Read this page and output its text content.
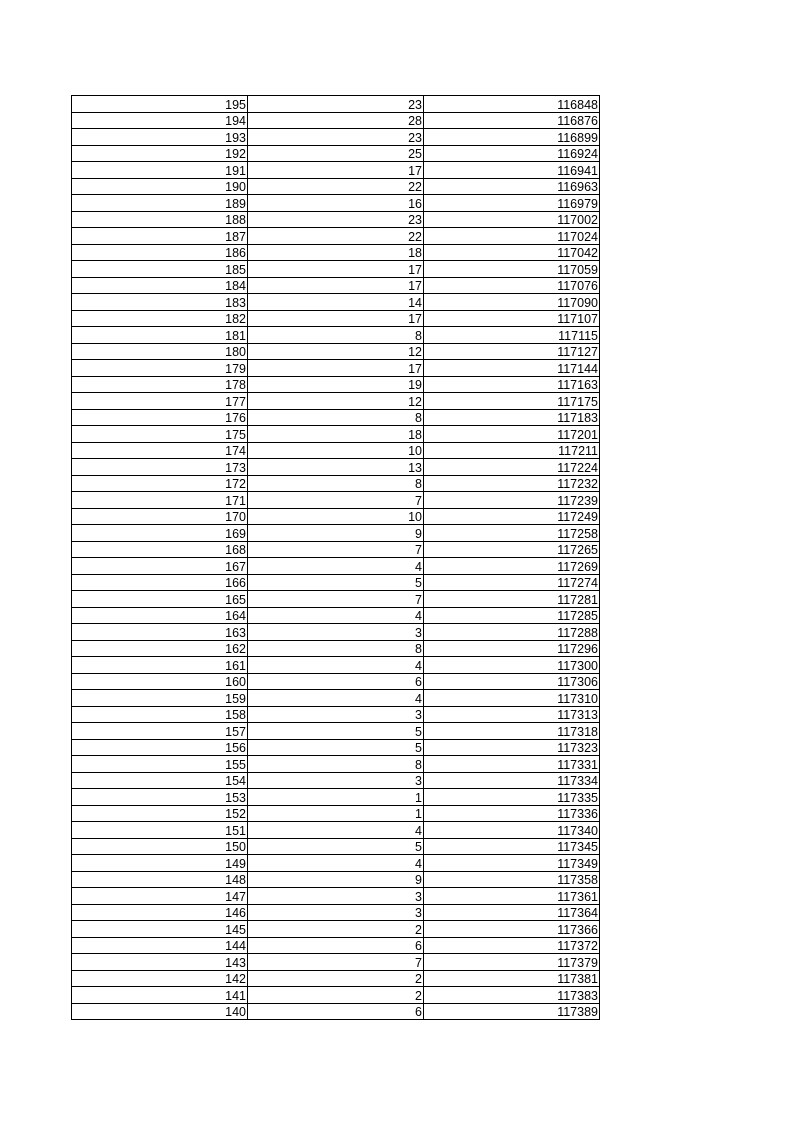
195	23	116848
194	28	116876
193	23	116899
192	25	116924
191	17	116941
190	22	116963
189	16	116979
188	23	117002
187	22	117024
186	18	117042
185	17	117059
184	17	117076
183	14	117090
182	17	117107
181	8	117115
180	12	117127
179	17	117144
178	19	117163
177	12	117175
176	8	117183
175	18	117201
174	10	117211
173	13	117224
172	8	117232
171	7	117239
170	10	117249
169	9	117258
168	7	117265
167	4	117269
166	5	117274
165	7	117281
164	4	117285
163	3	117288
162	8	117296
161	4	117300
160	6	117306
159	4	117310
158	3	117313
157	5	117318
156	5	117323
155	8	117331
154	3	117334
153	1	117335
152	1	117336
151	4	117340
150	5	117345
149	4	117349
148	9	117358
147	3	117361
146	3	117364
145	2	117366
144	6	117372
143	7	117379
142	2	117381
141	2	117383
140	6	117389
